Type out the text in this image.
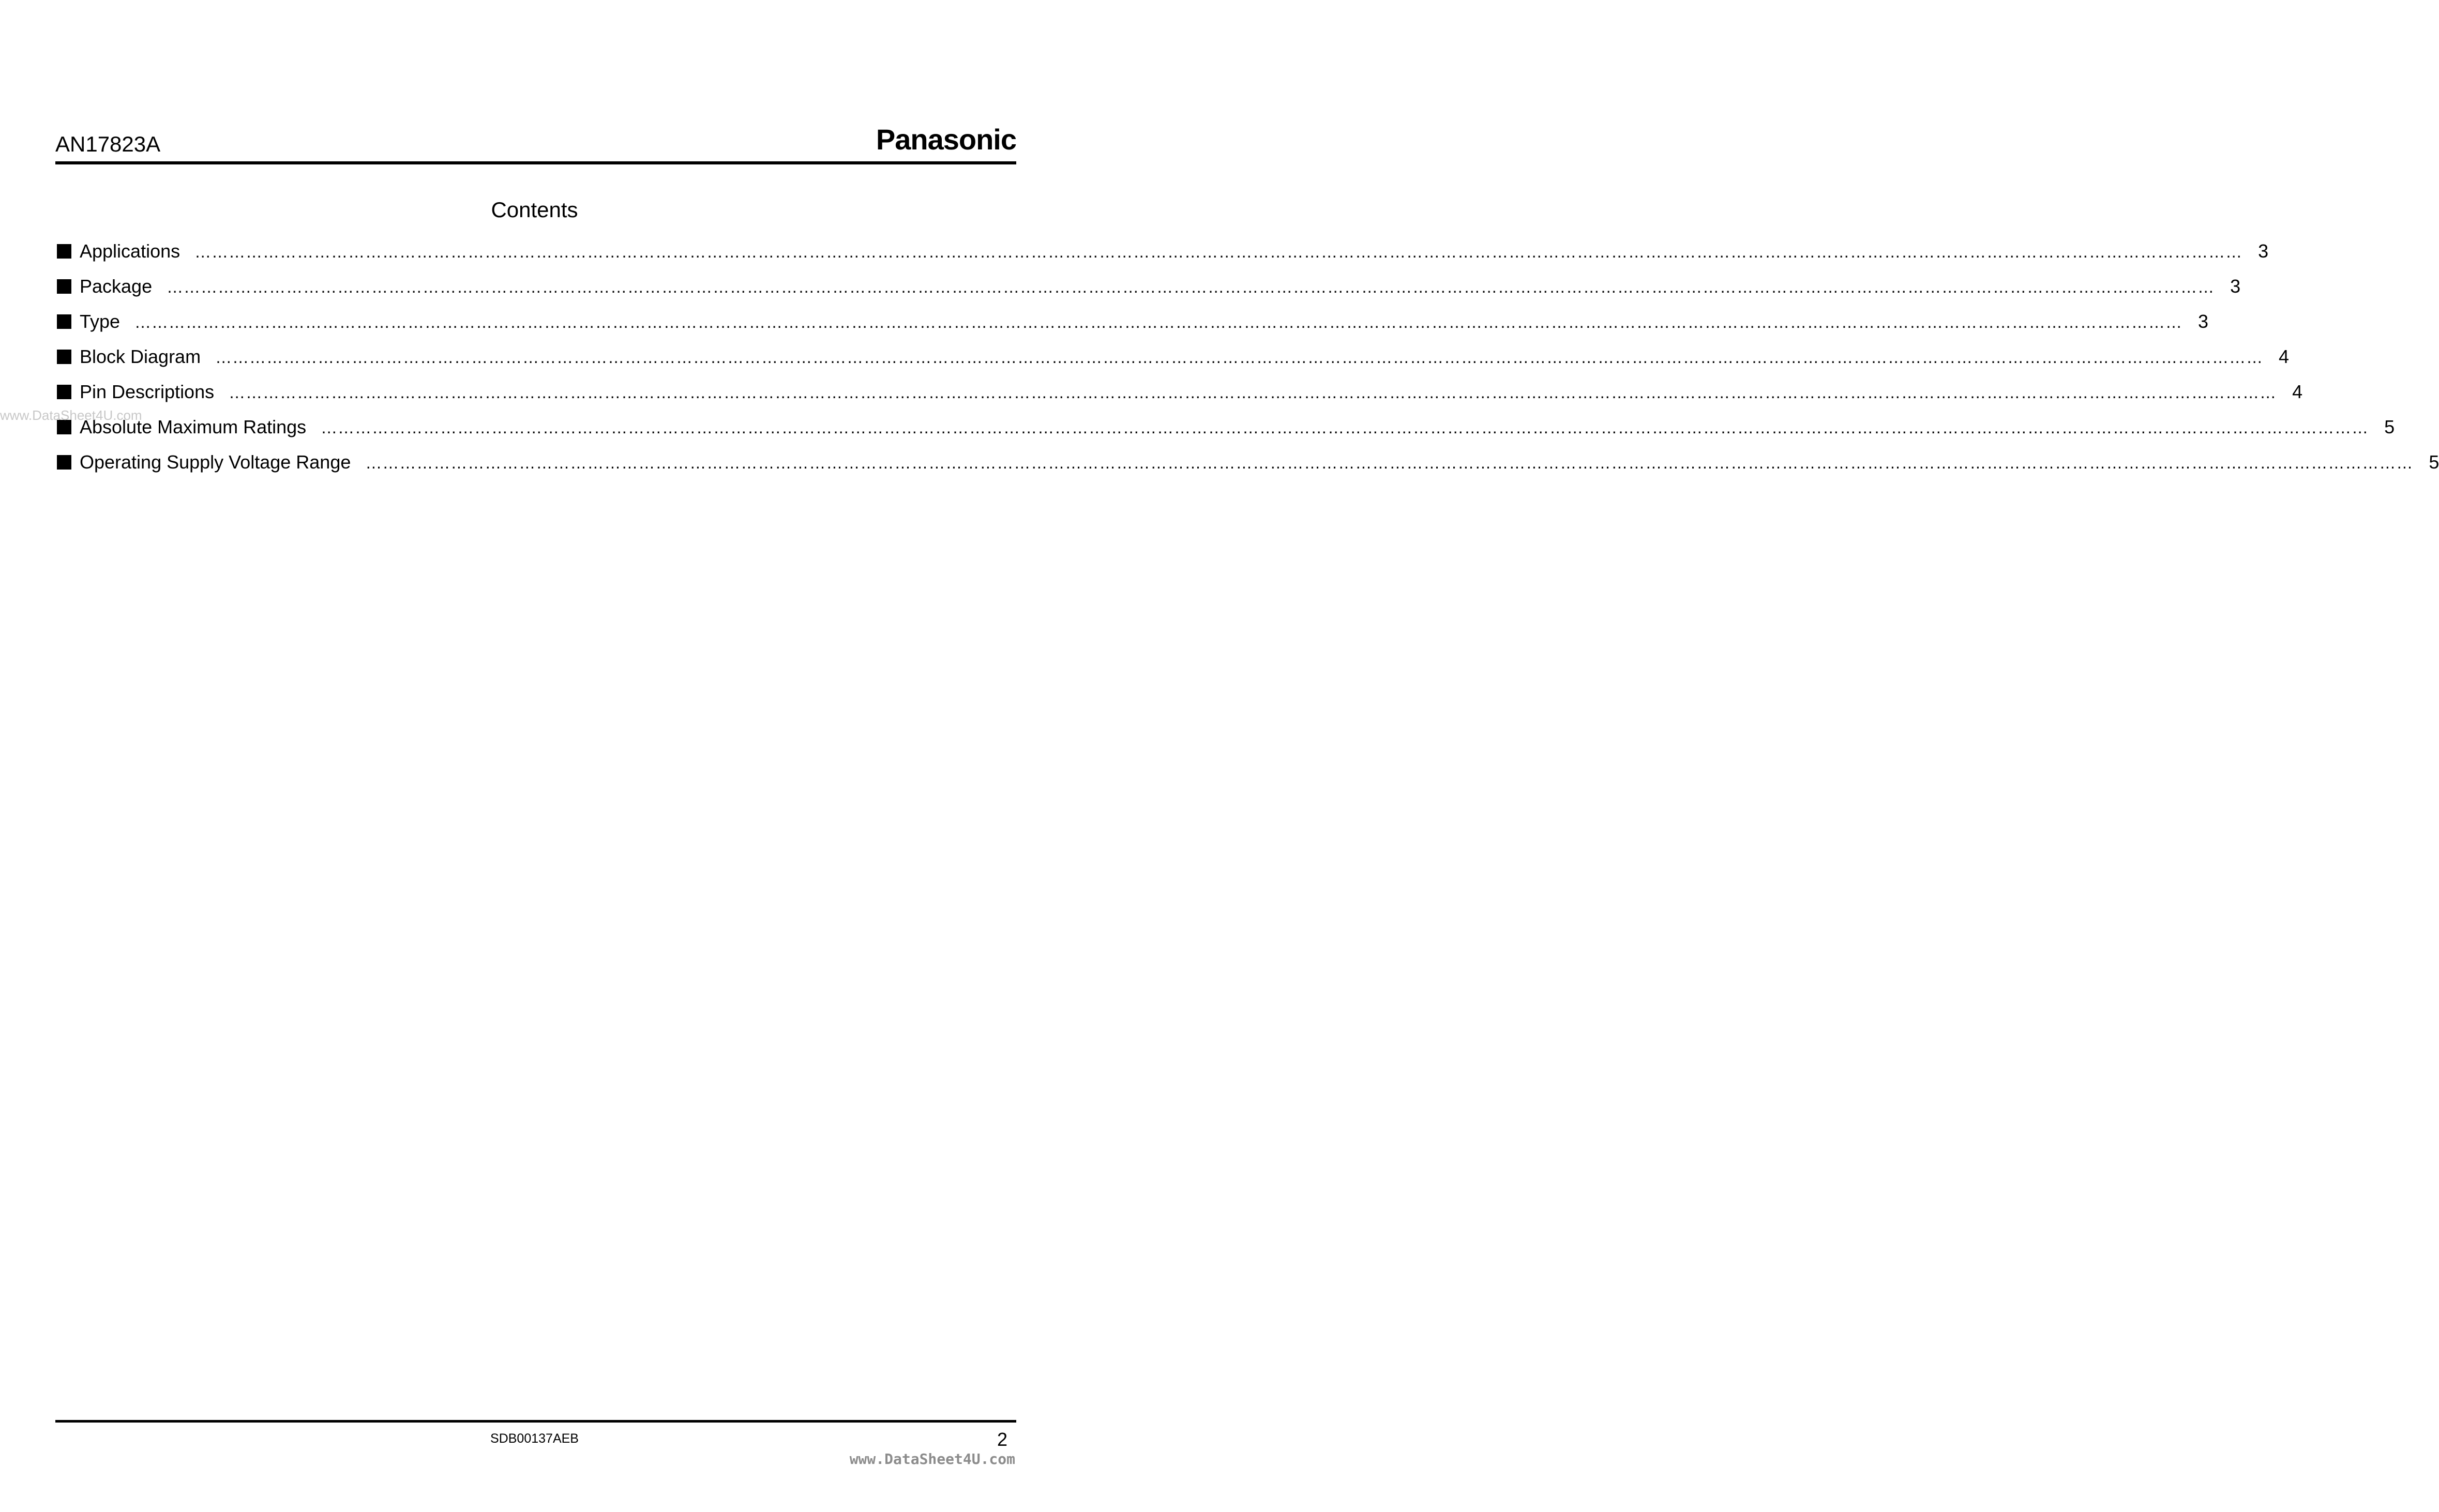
AN17823A	Panasonic
Contents
Applications ……………………………………………………………………………………………………………………………………………………………………………………………………………………………………………………………………………………………………………………………… 3
Package ……………………………………………………………………………………………………………………………………………………………………………………………………………………………………………………………………………………………………………………………… 3
Type ……………………………………………………………………………………………………………………………………………………………………………………………………………………………………………………………………………………………………………………………… 3
Block Diagram ……………………………………………………………………………………………………………………………………………………………………………………………………………………………………………………………………………………………………………………………… 4
Pin Descriptions ……………………………………………………………………………………………………………………………………………………………………………………………………………………………………………………………………………………………………………………………… 4
Absolute Maximum Ratings ……………………………………………………………………………………………………………………………………………………………………………………………………………………………………………………………………………………………………………………………… 5
Operating Supply Voltage Range ……………………………………………………………………………………………………………………………………………………………………………………………………………………………………………………………………………………………………………………………… 5
www.DataSheet4U.com
SDB00137AEB	2
www.DataSheet4U.com
